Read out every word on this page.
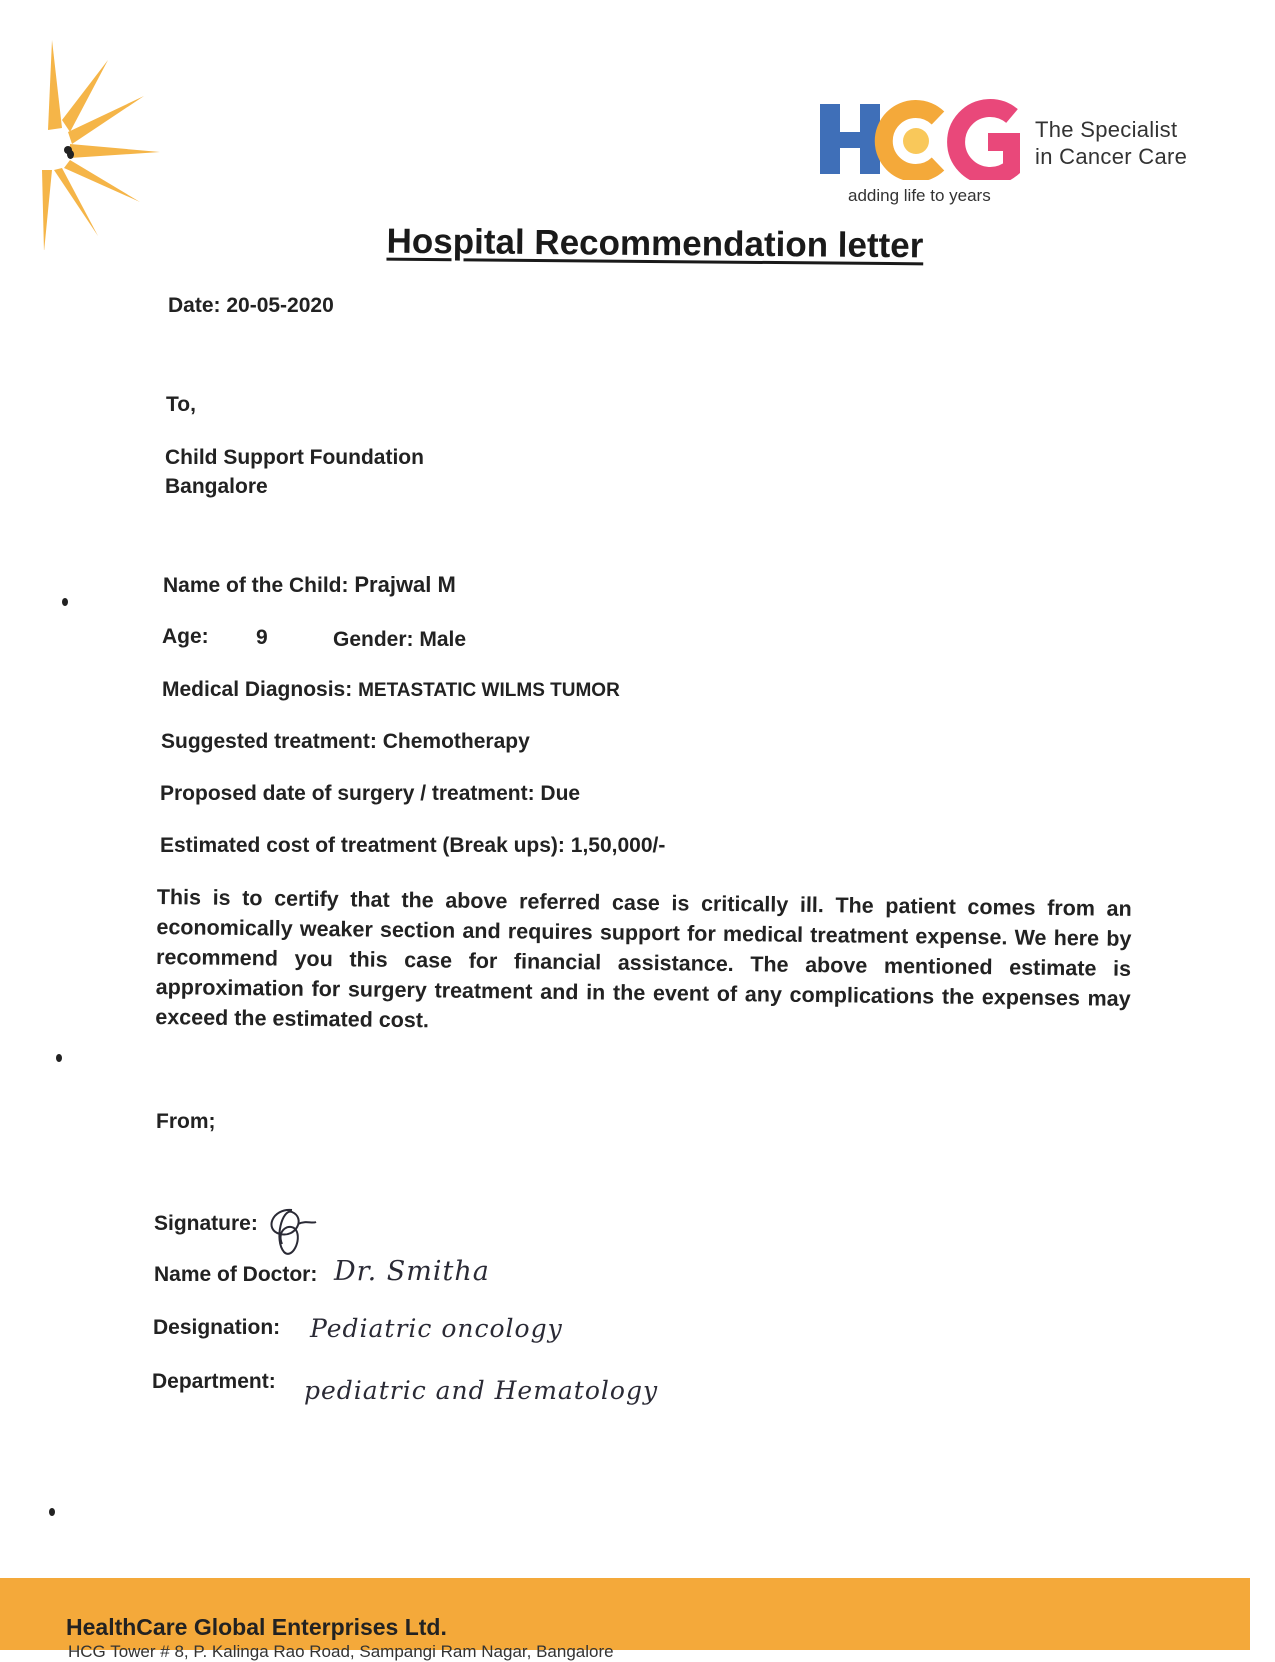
The Specialist
in Cancer Care
adding life to years
Hospital Recommendation letter
Date: 20-05-2020
To,
Child Support Foundation
Bangalore
Name of the Child: Prajwal M
Age: 9	Gender: Male
Medical Diagnosis: METASTATIC WILMS TUMOR
Suggested treatment: Chemotherapy
Proposed date of surgery / treatment: Due
Estimated cost of treatment (Break ups): 1,50,000/-
This is to certify that the above referred case is critically ill. The patient comes from an economically weaker section and requires support for medical treatment expense. We here by recommend you this case for financial assistance. The above mentioned estimate is approximation for surgery treatment and in the event of any complications the expenses may exceed the estimated cost.
From;
Signature:
Name of Doctor: Dr. Smitha
Designation: Pediatric oncology
Department: pediatric and Hematology
HealthCare Global Enterprises Ltd.
HCG Tower # 8, P. Kalinga Rao Road, Sampangi Ram Nagar, Bangalore
